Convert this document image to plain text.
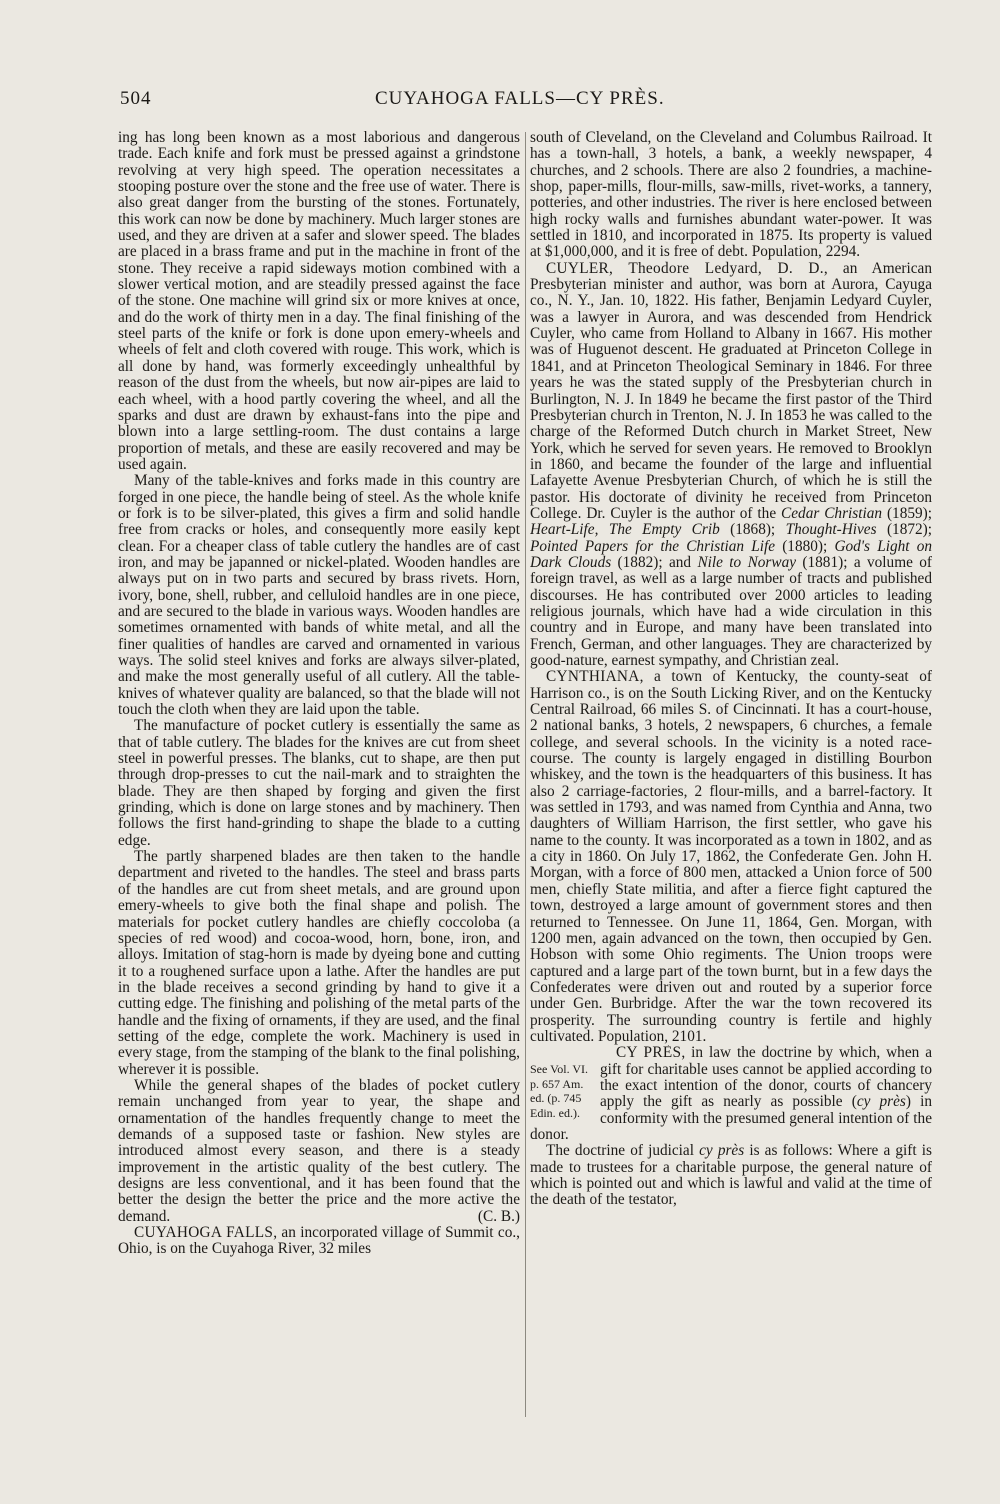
504	CUYAHOGA FALLS—CY PRÈS.

ing has long been known as a most laborious and dangerous trade. Each knife and fork must be pressed against a grindstone revolving at very high speed. The operation necessitates a stooping posture over the stone and the free use of water. There is also great danger from the bursting of the stones. Fortunately, this work can now be done by machinery. Much larger stones are used, and they are driven at a safer and slower speed. The blades are placed in a brass frame and put in the machine in front of the stone. They receive a rapid sideways motion combined with a slower vertical motion, and are steadily pressed against the face of the stone. One machine will grind six or more knives at once, and do the work of thirty men in a day. The final finishing of the steel parts of the knife or fork is done upon emery-wheels and wheels of felt and cloth covered with rouge. This work, which is all done by hand, was formerly exceedingly unhealthful by reason of the dust from the wheels, but now air-pipes are laid to each wheel, with a hood partly covering the wheel, and all the sparks and dust are drawn by exhaust-fans into the pipe and blown into a large settling-room. The dust contains a large proportion of metals, and these are easily recovered and may be used again.

Many of the table-knives and forks made in this country are forged in one piece, the handle being of steel. As the whole knife or fork is to be silver-plated, this gives a firm and solid handle free from cracks or holes, and consequently more easily kept clean. For a cheaper class of table cutlery the handles are of cast iron, and may be japanned or nickel-plated. Wooden handles are always put on in two parts and secured by brass rivets. Horn, ivory, bone, shell, rubber, and celluloid handles are in one piece, and are secured to the blade in various ways. Wooden handles are sometimes ornamented with bands of white metal, and all the finer qualities of handles are carved and ornamented in various ways. The solid steel knives and forks are always silver-plated, and make the most generally useful of all cutlery. All the table-knives of whatever quality are balanced, so that the blade will not touch the cloth when they are laid upon the table.

The manufacture of pocket cutlery is essentially the same as that of table cutlery. The blades for the knives are cut from sheet steel in powerful presses. The blanks, cut to shape, are then put through drop-presses to cut the nail-mark and to straighten the blade. They are then shaped by forging and given the first grinding, which is done on large stones and by machinery. Then follows the first hand-grinding to shape the blade to a cutting edge.

The partly sharpened blades are then taken to the handle department and riveted to the handles. The steel and brass parts of the handles are cut from sheet metals, and are ground upon emery-wheels to give both the final shape and polish. The materials for pocket cutlery handles are chiefly coccoloba (a species of red wood) and cocoa-wood, horn, bone, iron, and alloys. Imitation of stag-horn is made by dyeing bone and cutting it to a roughened surface upon a lathe. After the handles are put in the blade receives a second grinding by hand to give it a cutting edge. The finishing and polishing of the metal parts of the handle and the fixing of ornaments, if they are used, and the final setting of the edge, complete the work. Machinery is used in every stage, from the stamping of the blank to the final polishing, wherever it is possible.

While the general shapes of the blades of pocket cutlery remain unchanged from year to year, the shape and ornamentation of the handles frequently change to meet the demands of a supposed taste or fashion. New styles are introduced almost every season, and there is a steady improvement in the artistic quality of the best cutlery. The designs are less conventional, and it has been found that the better the design the better the price and the more active the demand.	(C. B.)

CUYAHOGA FALLS, an incorporated village of Summit co., Ohio, is on the Cuyahoga River, 32 miles

south of Cleveland, on the Cleveland and Columbus Railroad. It has a town-hall, 3 hotels, a bank, a weekly newspaper, 4 churches, and 2 schools. There are also 2 foundries, a machine-shop, paper-mills, flour-mills, saw-mills, rivet-works, a tannery, potteries, and other industries. The river is here enclosed between high rocky walls and furnishes abundant water-power. It was settled in 1810, and incorporated in 1875. Its property is valued at $1,000,000, and it is free of debt. Population, 2294.

CUYLER, Theodore Ledyard, D. D., an American Presbyterian minister and author, was born at Aurora, Cayuga co., N. Y., Jan. 10, 1822. His father, Benjamin Ledyard Cuyler, was a lawyer in Aurora, and was descended from Hendrick Cuyler, who came from Holland to Albany in 1667. His mother was of Huguenot descent. He graduated at Princeton College in 1841, and at Princeton Theological Seminary in 1846. For three years he was the stated supply of the Presbyterian church in Burlington, N. J. In 1849 he became the first pastor of the Third Presbyterian church in Trenton, N. J. In 1853 he was called to the charge of the Reformed Dutch church in Market Street, New York, which he served for seven years. He removed to Brooklyn in 1860, and became the founder of the large and influential Lafayette Avenue Presbyterian Church, of which he is still the pastor. His doctorate of divinity he received from Princeton College. Dr. Cuyler is the author of the Cedar Christian (1859); Heart-Life, The Empty Crib (1868); Thought-Hives (1872); Pointed Papers for the Christian Life (1880); God's Light on Dark Clouds (1882); and Nile to Norway (1881); a volume of foreign travel, as well as a large number of tracts and published discourses. He has contributed over 2000 articles to leading religious journals, which have had a wide circulation in this country and in Europe, and many have been translated into French, German, and other languages. They are characterized by good-nature, earnest sympathy, and Christian zeal.

CYNTHIANA, a town of Kentucky, the county-seat of Harrison co., is on the South Licking River, and on the Kentucky Central Railroad, 66 miles S. of Cincinnati. It has a court-house, 2 national banks, 3 hotels, 2 newspapers, 6 churches, a female college, and several schools. In the vicinity is a noted race-course. The county is largely engaged in distilling Bourbon whiskey, and the town is the headquarters of this business. It has also 2 carriage-factories, 2 flour-mills, and a barrel-factory. It was settled in 1793, and was named from Cynthia and Anna, two daughters of William Harrison, the first settler, who gave his name to the county. It was incorporated as a town in 1802, and as a city in 1860. On July 17, 1862, the Confederate Gen. John H. Morgan, with a force of 800 men, attacked a Union force of 500 men, chiefly State militia, and after a fierce fight captured the town, destroyed a large amount of government stores and then returned to Tennessee. On June 11, 1864, Gen. Morgan, with 1200 men, again advanced on the town, then occupied by Gen. Hobson with some Ohio regiments. The Union troops were captured and a large part of the town burnt, but in a few days the Confederates were driven out and routed by a superior force under Gen. Burbridge. After the war the town recovered its prosperity. The surrounding country is fertile and highly cultivated. Population, 2101.

See Vol. VI.
p. 657 Am.
ed. (p. 745
Edin. ed.).

CY PRÈS, in law the doctrine by which, when a gift for charitable uses cannot be applied according to the exact intention of the donor, courts of chancery apply the gift as nearly as possible (cy près) in conformity with the presumed general intention of the donor.

The doctrine of judicial cy près is as follows: Where a gift is made to trustees for a charitable purpose, the general nature of which is pointed out and which is lawful and valid at the time of the death of the testator,
